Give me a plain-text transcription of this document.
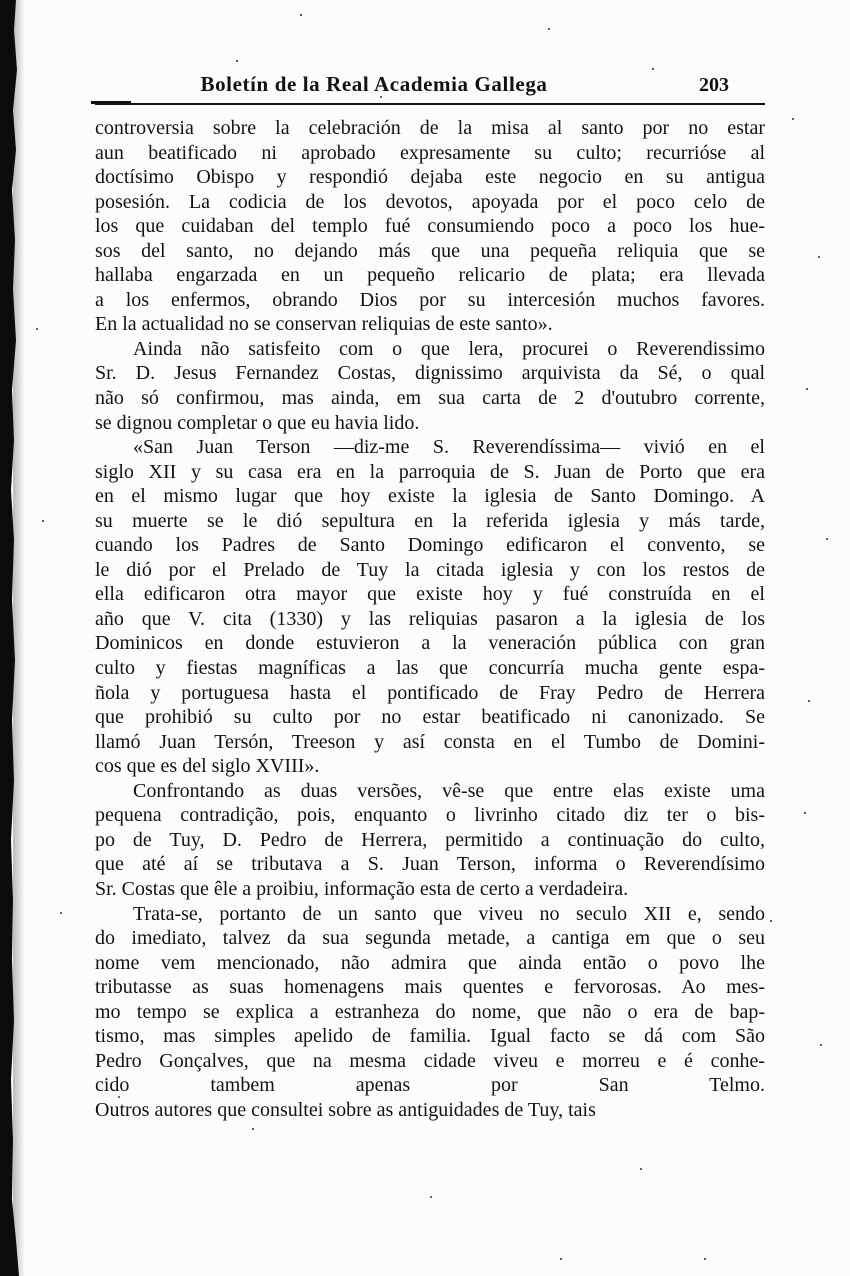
Boletín de la Real Academia Gallega	203
controversia sobre la celebración de la misa al santo por no estar
aun beatificado ni aprobado expresamente su culto; recurrióse al
doctísimo Obispo y respondió dejaba este negocio en su antigua
posesión. La codicia de los devotos, apoyada por el poco celo de
los que cuidaban del templo fué consumiendo poco a poco los hue-
sos del santo, no dejando más que una pequeña reliquia que se
hallaba engarzada en un pequeño relicario de plata; era llevada
a los enfermos, obrando Dios por su intercesión muchos favores.
En la actualidad no se conservan reliquias de este santo».
Ainda não satisfeito com o que lera, procurei o Reverendissimo
Sr. D. Jesus Fernandez Costas, dignissimo arquivista da Sé, o qual
não só confirmou, mas ainda, em sua carta de 2 d'outubro corrente,
se dignou completar o que eu havia lido.
«San Juan Terson —diz-me S. Reverendíssima— vivió en el
siglo XII y su casa era en la parroquia de S. Juan de Porto que era
en el mismo lugar que hoy existe la iglesia de Santo Domingo. A
su muerte se le dió sepultura en la referida iglesia y más tarde,
cuando los Padres de Santo Domingo edificaron el convento, se
le dió por el Prelado de Tuy la citada iglesia y con los restos de
ella edificaron otra mayor que existe hoy y fué construída en el
año que V. cita (1330) y las reliquias pasaron a la iglesia de los
Dominicos en donde estuvieron a la veneración pública con gran
culto y fiestas magníficas a las que concurría mucha gente espa-
ñola y portuguesa hasta el pontificado de Fray Pedro de Herrera
que prohibió su culto por no estar beatificado ni canonizado. Se
llamó Juan Tersón, Treeson y así consta en el Tumbo de Domini-
cos que es del siglo XVIII».
Confrontando as duas versões, vê-se que entre elas existe uma
pequena contradição, pois, enquanto o livrinho citado diz ter o bis-
po de Tuy, D. Pedro de Herrera, permitido a continuação do culto,
que até aí se tributava a S. Juan Terson, informa o Reverendísimo
Sr. Costas que êle a proibiu, informação esta de certo a verdadeira.
Trata-se, portanto de un santo que viveu no seculo XII e, sendo
do imediato, talvez da sua segunda metade, a cantiga em que o seu
nome vem mencionado, não admira que ainda então o povo lhe
tributasse as suas homenagens mais quentes e fervorosas. Ao mes-
mo tempo se explica a estranheza do nome, que não o era de bap-
tismo, mas simples apelido de familia. Igual facto se dá com São
Pedro Gonçalves, que na mesma cidade viveu e morreu e é conhe-
cido tambem apenas por San Telmo.
Outros autores que consultei sobre as antiguidades de Tuy, tais
